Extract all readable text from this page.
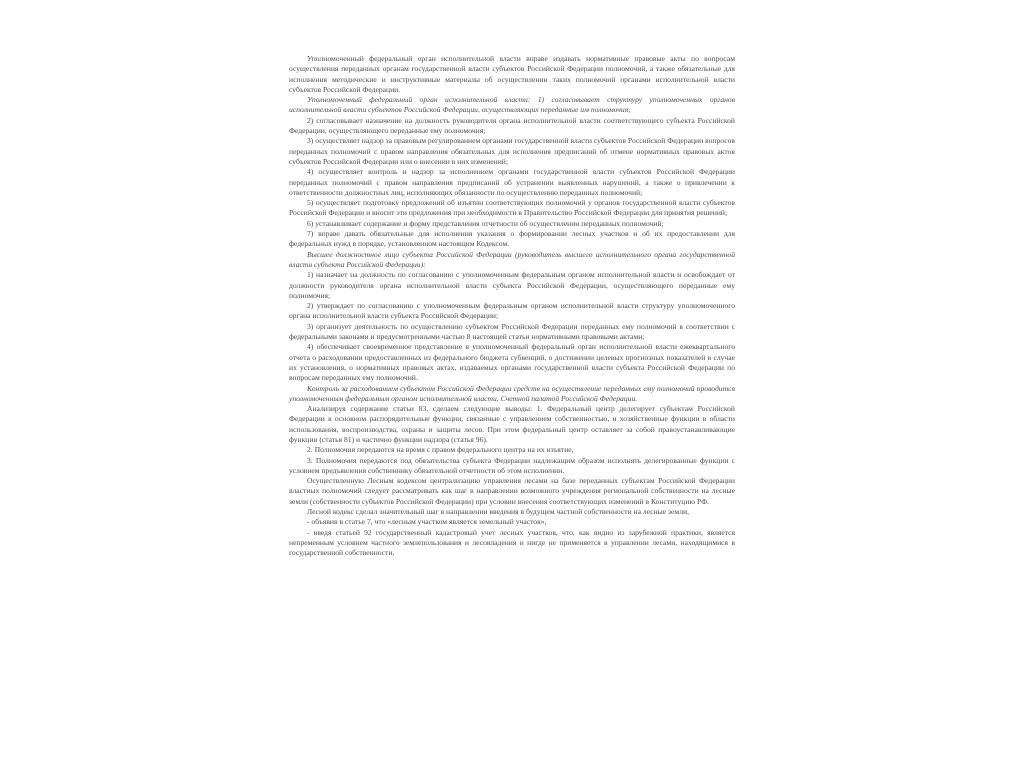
Уполномоченный федеральный орган исполнительной власти вправе издавать нормативные правовые акты по вопросам осуществления переданных органам государственной власти субъектов Российской Федерации полномочий, а также обязательные для исполнения методические и инструктивные материалы об осуществлении таких полномочий органами исполнительной власти субъектов Российской Федерации.

Уполномоченный федеральный орган исполнительной власти: 1) согласовывает структуру уполномоченных органов исполнительной власти субъектов Российской Федерации, осуществляющих переданные им полномочия;

2) согласовывает назначение на должность руководителя органа исполнительной власти соответствующего субъекта Российской Федерации, осуществляющего переданные ему полномочия;

3) осуществляет надзор за правовым регулированием органами государственной власти субъектов Российской Федерации вопросов переданных полномочий с правом направления обязательных для исполнения предписаний об отмене нормативных правовых актов субъектов Российской Федерации или о внесении в них изменений;

4) осуществляет контроль и надзор за исполнением органами государственной власти субъектов Российской Федерации переданных полномочий с правом направления предписаний об устранении выявленных нарушений, а также о привлечении к ответственности должностных лиц, исполняющих обязанности по осуществлению переданных полномочий;

5) осуществляет подготовку предложений об изъятии соответствующих полномочий у органов государственной власти субъектов Российской Федерации и вносит эти предложения при необходимости в Правительство Российской Федерации для принятия решений;

6) устанавливает содержание и форму представления отчетности об осуществлении переданных полномочий;

7) вправе давать обязательные для исполнения указания о формировании лесных участков и об их предоставлении для федеральных нужд в порядке, установленном настоящим Кодексом.

Высшее должностное лицо субъекта Российской Федерации (руководитель высшего исполнительного органа государственной власти субъекта Российской Федерации):

1) назначает на должность по согласованию с уполномоченным федеральным органом исполнительной власти и освобождает от должности руководителя органа исполнительной власти субъекта Российской Федерации, осуществляющего переданные ему полномочия;

2) утверждает по согласованию с уполномоченным федеральным органом исполнительной власти структуру уполномоченного органа исполнительной власти субъекта Российской Федерации;

3) организует деятельность по осуществлению субъектом Российской Федерации переданных ему полномочий в соответствии с федеральными законами и предусмотренными частью 8 настоящей статьи нормативными правовыми актами;

4) обеспечивает своевременное представление в уполномоченный федеральный орган исполнительной власти ежеквартального отчета о расходовании предоставленных из федерального бюджета субвенций, о достижении целевых прогнозных показателей в случае их установления, о нормативных правовых актах, издаваемых органами государственной власти субъекта Российской Федерации по вопросам переданных ему полномочий.

Контроль за расходованием субъектом Российской Федерации средств на осуществление переданных ему полномочий проводится уполномоченным федеральным органом исполнительной власти, Счетной палатой Российской Федерации.

Анализируя содержание статьи 83, сделаем следующие выводы: 1. Федеральный центр делегирует субъектам Российской Федерации в основном распорядительные функции, связанные с управлением собственностью, и хозяйственные функции в области использования, воспроизводства, охраны и защиты лесов. При этом федеральный центр оставляет за собой правоустанавливающие функции (статья 81) и частично функции надзора (статья 96).

2. Полномочия передаются на время с правом федерального центра на их изъятие,

3. Полномочия передаются под обязательства субъекта Федерации надлежащим образом исполнять делегированные функции с условием предъявления собственнику обязательной отчетности об этом исполнении.

Осуществленную Лесным кодексом централизацию управления лесами на базе переданных субъектам Российской Федерации властных полномочий следует рассматривать как шаг в направлении возможного учреждения региональной собственности на лесные земли (собственности субъектов Российской Федерации) при условии внесения соответствующих изменений в Конституцию РФ.

Лесной кодекс сделал значительный шаг в направлении введения в будущем частной собственности на лесные земли,

- объявив в статье 7, что «лесным участком является земельный участок»,

- введя статьей 92 государственный кадастровый учет лесных участков, что, как видно из зарубежной практики, является непременным условием частного землепользования и лесовладения и нигде не применяется в управлении лесами, находящимися в государственной собственности,
